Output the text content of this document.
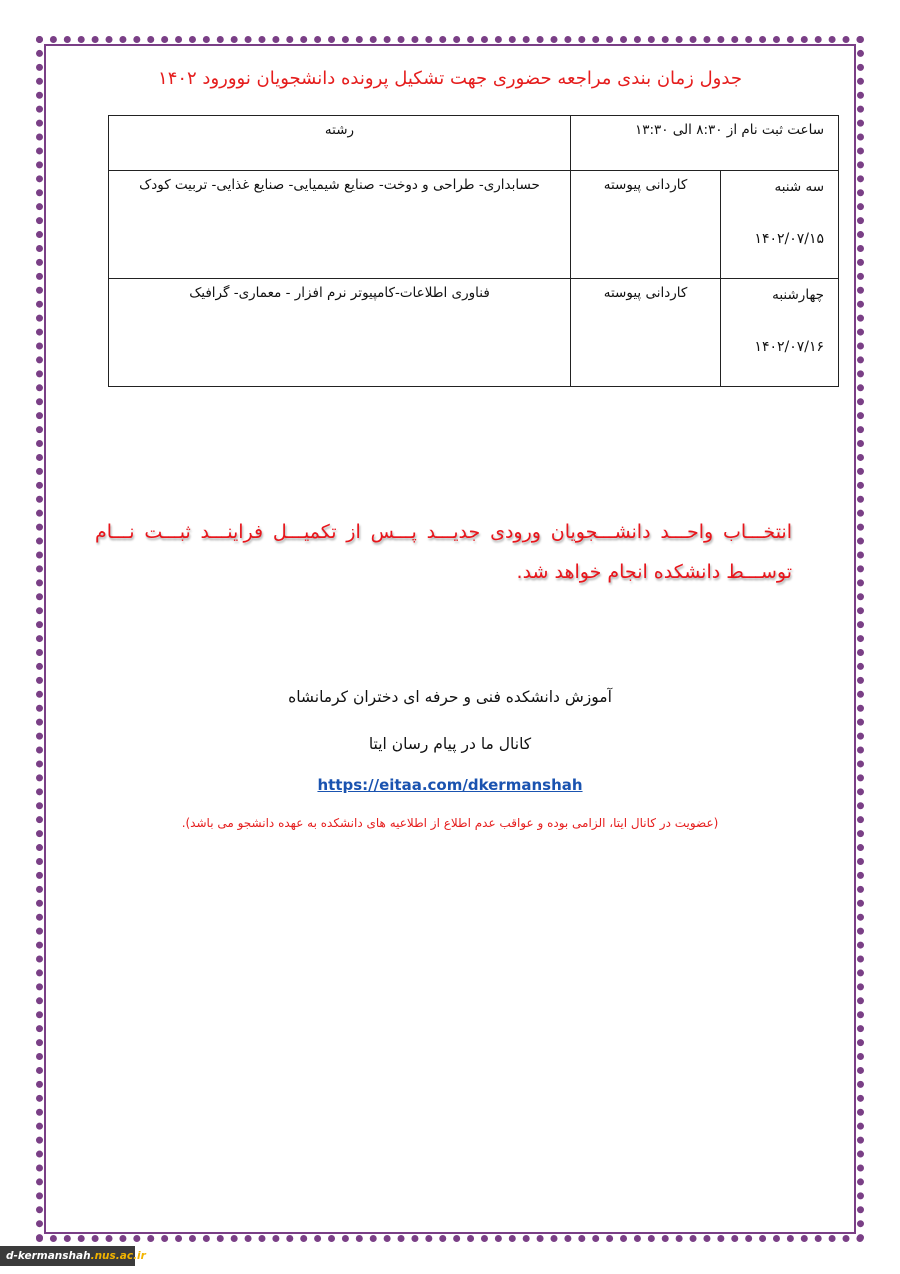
جدول زمان بندی مراجعه حضوری جهت تشکیل پرونده دانشجویان نوورود ۱۴۰۲
ساعت ثبت نام از ۸:۳۰ الی ۱۳:۳۰		رشته

سه شنبه
۱۴۰۲/۰۷/۱۵	کاردانی پیوسته	حسابداری- طراحی و دوخت- صنایع شیمیایی- صنایع غذایی- تربیت کودک

چهارشنبه
۱۴۰۲/۰۷/۱۶	کاردانی پیوسته	فناوری اطلاعات-کامپیوتر نرم افزار - معماری- گرافیک
انتخـــاب واحـــد دانشـــجویان ورودی جدیـــد پـــس از تکمیـــل فراینـــد ثبـــت نـــام توســـط دانشکده انجام خواهد شد.
آموزش دانشکده فنی و حرفه ای دختران کرمانشاه
کانال ما در پیام رسان ایتا
https://eitaa.com/dkermanshah
(عضویت در کانال ایتا، الزامی بوده و عواقب عدم اطلاع از اطلاعیه های دانشکده به عهده دانشجو می باشد).
d-kermanshah.nus.ac.ir
